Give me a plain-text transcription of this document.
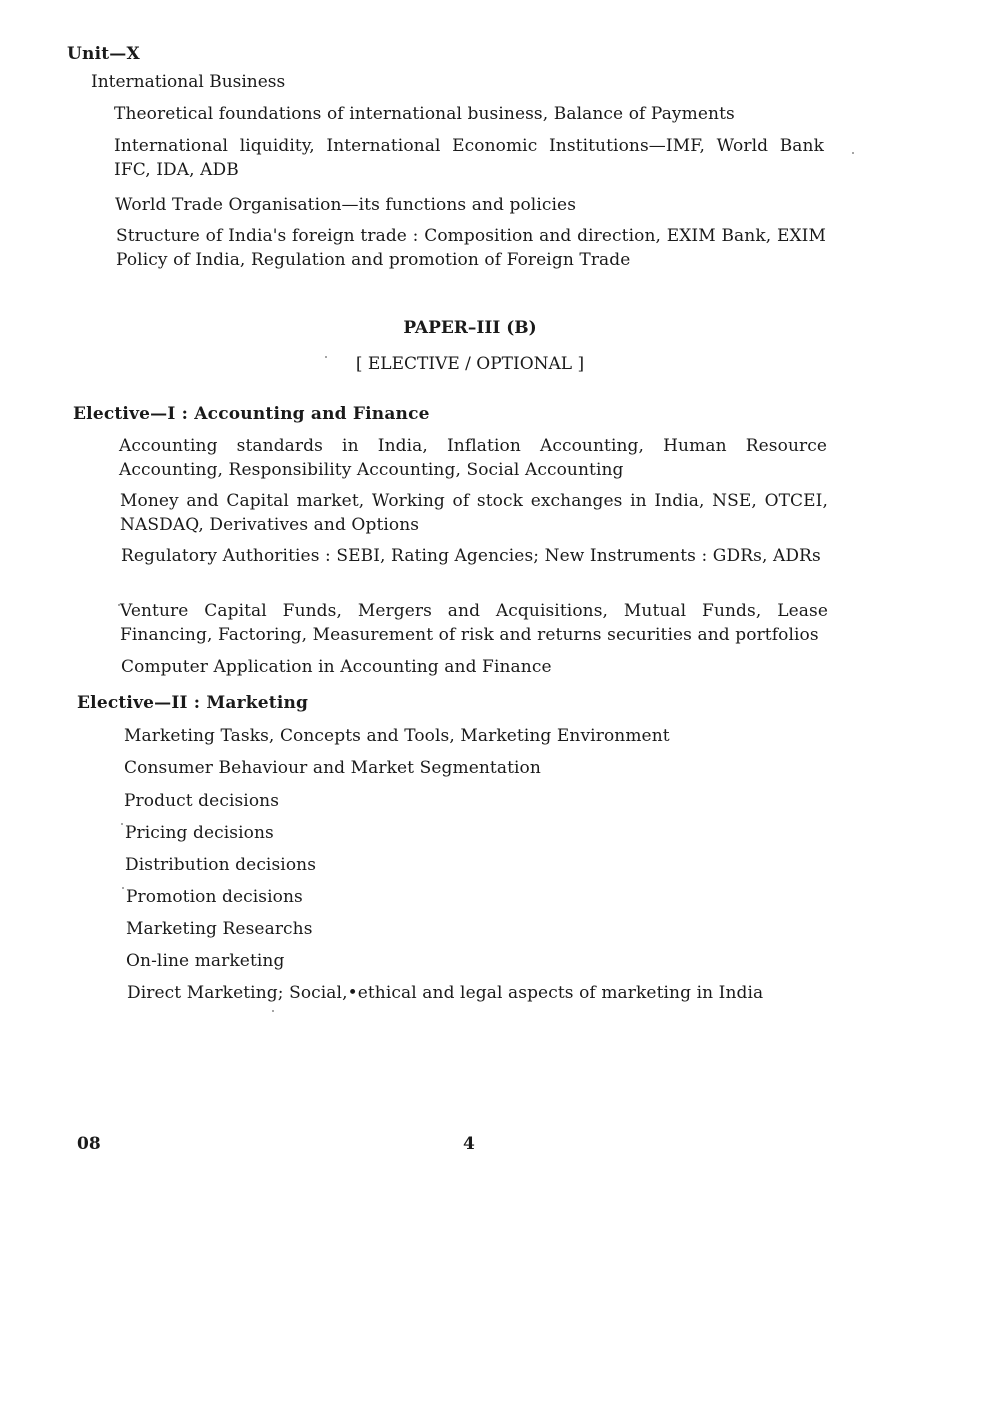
Unit—X
International Business
Theoretical foundations of international business, Balance of Payments
International liquidity, International Economic Institutions—IMF, World Bank IFC, IDA, ADB
World Trade Organisation—its functions and policies
Structure of India's foreign trade : Composition and direction, EXIM Bank, EXIM Policy of India, Regulation and promotion of Foreign Trade
PAPER–III (B)
[ ELECTIVE / OPTIONAL ]
Elective—I : Accounting and Finance
Accounting standards in India, Inflation Accounting, Human Resource Accounting, Responsibility Accounting, Social Accounting
Money and Capital market, Working of stock exchanges in India, NSE, OTCEI, NASDAQ, Derivatives and Options
Regulatory Authorities : SEBI, Rating Agencies; New Instruments : GDRs, ADRs
Venture Capital Funds, Mergers and Acquisitions, Mutual Funds, Lease Financing, Factoring, Measurement of risk and returns securities and portfolios
Computer Application in Accounting and Finance
Elective—II : Marketing
Marketing Tasks, Concepts and Tools, Marketing Environment
Consumer Behaviour and Market Segmentation
Product decisions
Pricing decisions
Distribution decisions
Promotion decisions
Marketing Researchs
On-line marketing
Direct Marketing; Social,•ethical and legal aspects of marketing in India
08	4
